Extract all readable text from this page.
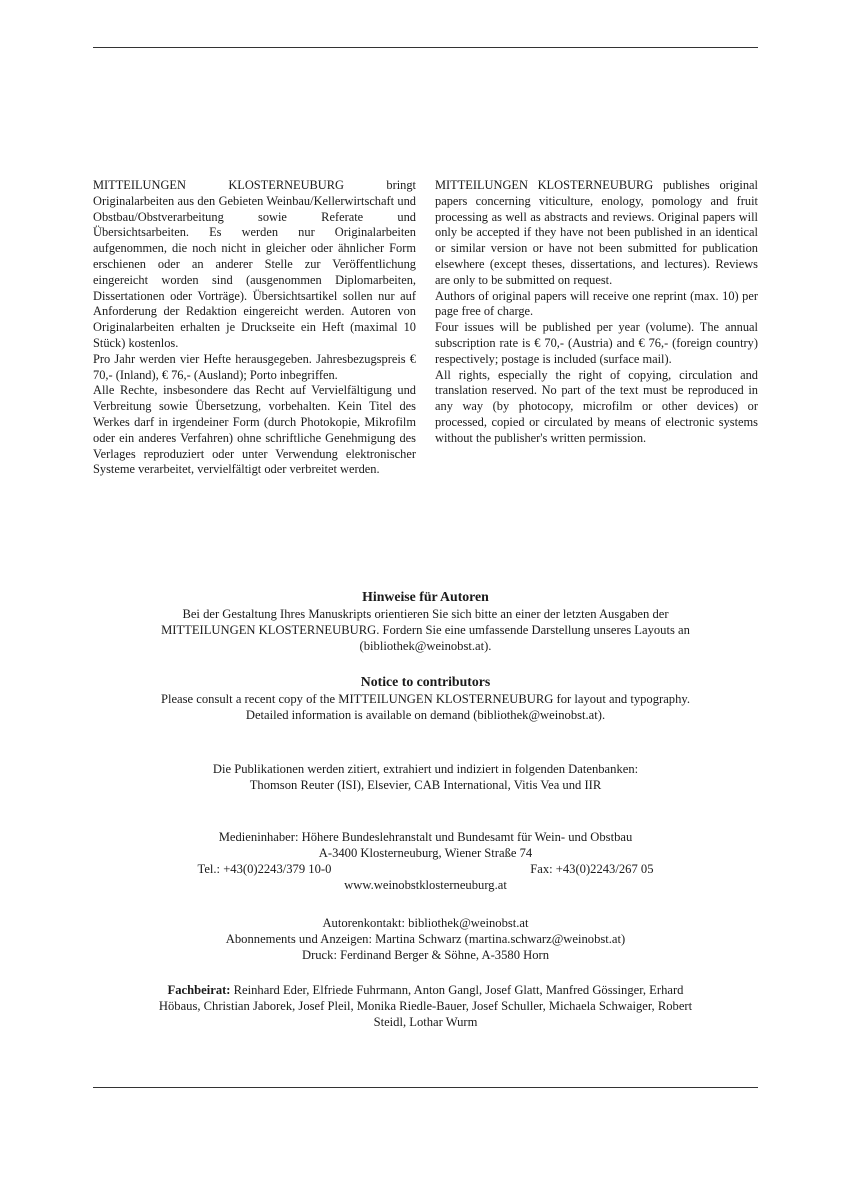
MITTEILUNGEN KLOSTERNEUBURG bringt Originalarbeiten aus den Gebieten Weinbau/Kellerwirtschaft und Obstbau/Obstverarbeitung sowie Referate und Übersichtsarbeiten. Es werden nur Originalarbeiten aufgenommen, die noch nicht in gleicher oder ähnlicher Form erschienen oder an anderer Stelle zur Veröffentlichung eingereicht worden sind (ausgenommen Diplomarbeiten, Dissertationen oder Vorträge). Übersichtsartikel sollen nur auf Anforderung der Redaktion eingereicht werden. Autoren von Originalarbeiten erhalten je Druckseite ein Heft (maximal 10 Stück) kostenlos.

Pro Jahr werden vier Hefte herausgegeben. Jahresbezugspreis € 70,- (Inland), € 76,- (Ausland); Porto inbegriffen.

Alle Rechte, insbesondere das Recht auf Vervielfältigung und Verbreitung sowie Übersetzung, vorbehalten. Kein Titel des Werkes darf in irgendeiner Form (durch Photokopie, Mikrofilm oder ein anderes Verfahren) ohne schriftliche Genehmigung des Verlages reproduziert oder unter Verwendung elektronischer Systeme verarbeitet, vervielfältigt oder verbreitet werden.

MITTEILUNGEN KLOSTERNEUBURG publishes original papers concerning viticulture, enology, pomology and fruit processing as well as abstracts and reviews. Original papers will only be accepted if they have not been published in an identical or similar version or have not been submitted for publication elsewhere (except theses, dissertations, and lectures). Reviews are only to be submitted on request.

Authors of original papers will receive one reprint (max. 10) per page free of charge.

Four issues will be published per year (volume). The annual subscription rate is € 70,- (Austria) and € 76,- (foreign country) respectively; postage is included (surface mail).

All rights, especially the right of copying, circulation and translation reserved. No part of the text must be reproduced in any way (by photocopy, microfilm or other devices) or processed, copied or circulated by means of electronic systems without the publisher's written permission.

Hinweise für Autoren

Bei der Gestaltung Ihres Manuskripts orientieren Sie sich bitte an einer der letzten Ausgaben der

MITTEILUNGEN KLOSTERNEUBURG. Fordern Sie eine umfassende Darstellung unseres Layouts an

(bibliothek@weinobst.at).

Notice to contributors

Please consult a recent copy of the MITTEILUNGEN KLOSTERNEUBURG for layout and typography.

Detailed information is available on demand (bibliothek@weinobst.at).

Die Publikationen werden zitiert, extrahiert und indiziert in folgenden Datenbanken:

Thomson Reuter (ISI), Elsevier, CAB International, Vitis Vea und IIR

Medieninhaber: Höhere Bundeslehranstalt und Bundesamt für Wein- und Obstbau

A-3400 Klosterneuburg, Wiener Straße 74

Tel.: +43(0)2243/379 10-0	Fax: +43(0)2243/267 05

www.weinobstklosterneuburg.at

Autorenkontakt: bibliothek@weinobst.at

Abonnements und Anzeigen: Martina Schwarz (martina.schwarz@weinobst.at)

Druck: Ferdinand Berger & Söhne, A-3580 Horn

Fachbeirat: Reinhard Eder, Elfriede Fuhrmann, Anton Gangl, Josef Glatt, Manfred Gössinger, Erhard

Höbaus, Christian Jaborek, Josef Pleil, Monika Riedle-Bauer, Josef Schuller, Michaela Schwaiger, Robert

Steidl, Lothar Wurm
